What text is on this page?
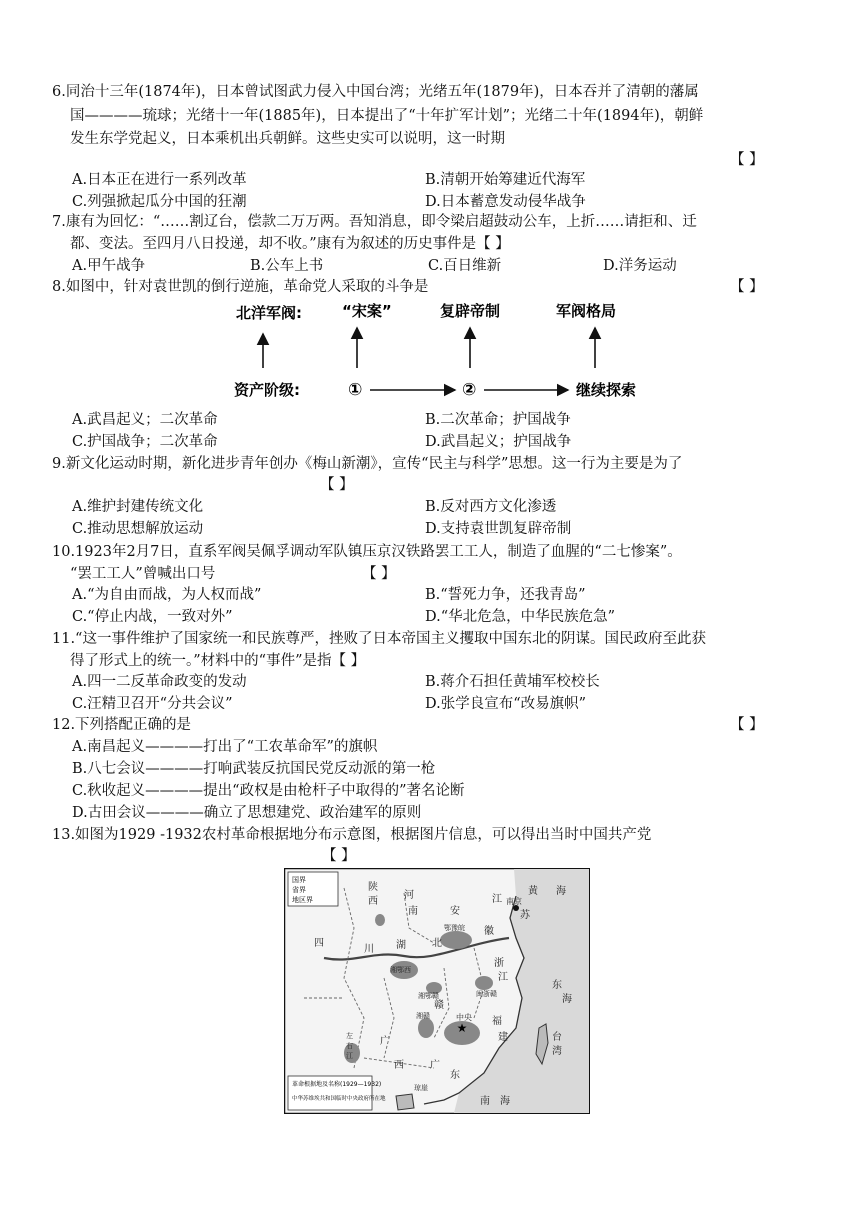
6.同治十三年(1874年)，日本曾试图武力侵入中国台湾；光绪五年(1879年)，日本吞并了清朝的藩属
国————琉球；光绪十一年(1885年)，日本提出了“十年扩军计划”；光绪二十年(1894年)，朝鲜
发生东学党起义，日本乘机出兵朝鲜。这些史实可以说明，这一时期
【 】
A.日本正在进行一系列改革	B.清朝开始筹建近代海军
C.列强掀起瓜分中国的狂潮	D.日本蓄意发动侵华战争
7.康有为回忆：“……割辽台，偿款二万万两。吾知消息，即令梁启超鼓动公车，上折……请拒和、迁
都、变法。至四月八日投递，却不收。”康有为叙述的历史事件是【 】
A.甲午战争	B.公车上书	C.百日维新	D.洋务运动
8.如图中，针对袁世凯的倒行逆施，革命党人采取的斗争是	【 】
北洋军阀:	“宋案”	复辟帝制	军阀格局
资产阶级:	①	②	继续探索
A.武昌起义；二次革命	B.二次革命；护国战争
C.护国战争；二次革命	D.武昌起义；护国战争
9.新文化运动时期，新化进步青年创办《梅山新潮》，宣传“民主与科学”思想。这一行为主要是为了
【 】
A.维护封建传统文化	B.反对西方文化渗透
C.推动思想解放运动	D.支持袁世凯复辟帝制
10.1923年2月7日，直系军阀吴佩孚调动军队镇压京汉铁路罢工工人，制造了血腥的“二七惨案”。
“罢工工人”曾喊出口号	【 】
A.“为自由而战，为人权而战”	B.“誓死力争，还我青岛”
C.“停止内战，一致对外”	D.“华北危急，中华民族危急”
11.“这一事件维护了国家统一和民族尊严，挫败了日本帝国主义攫取中国东北的阴谋。国民政府至此获
得了形式上的统一。”材料中的“事件”是指【 】
A.四一二反革命政变的发动	B.蒋介石担任黄埔军校校长
C.汪精卫召开“分共会议”	D.张学良宣布“改易旗帜”
12.下列搭配正确的是	【 】
A.南昌起义————打出了“工农革命军”的旗帜
B.八七会议————打响武装反抗国民党反动派的第一枪
C.秋收起义————提出“政权是由枪杆子中取得的”著名论断
D.古田会议————确立了思想建党、政治建军的原则
13.如图为1929 -1932农村革命根据地分布示意图，根据图片信息，可以得出当时中国共产党
【 】
★
国界
省界
地区界
革命根据地及名称(1929—1932)
中华苏维埃共和国临时中央政府所在地
陕
西
河
南	安
江
苏
黄 海
南京
四
川 湖	北
徽
鄂豫皖
湘鄂西
浙
江
东
海
湘赣
赣
中央 福
建	台
湾
广
西
左
右
江
广
东
南 海
琼崖
湘鄂赣	闽浙赣
